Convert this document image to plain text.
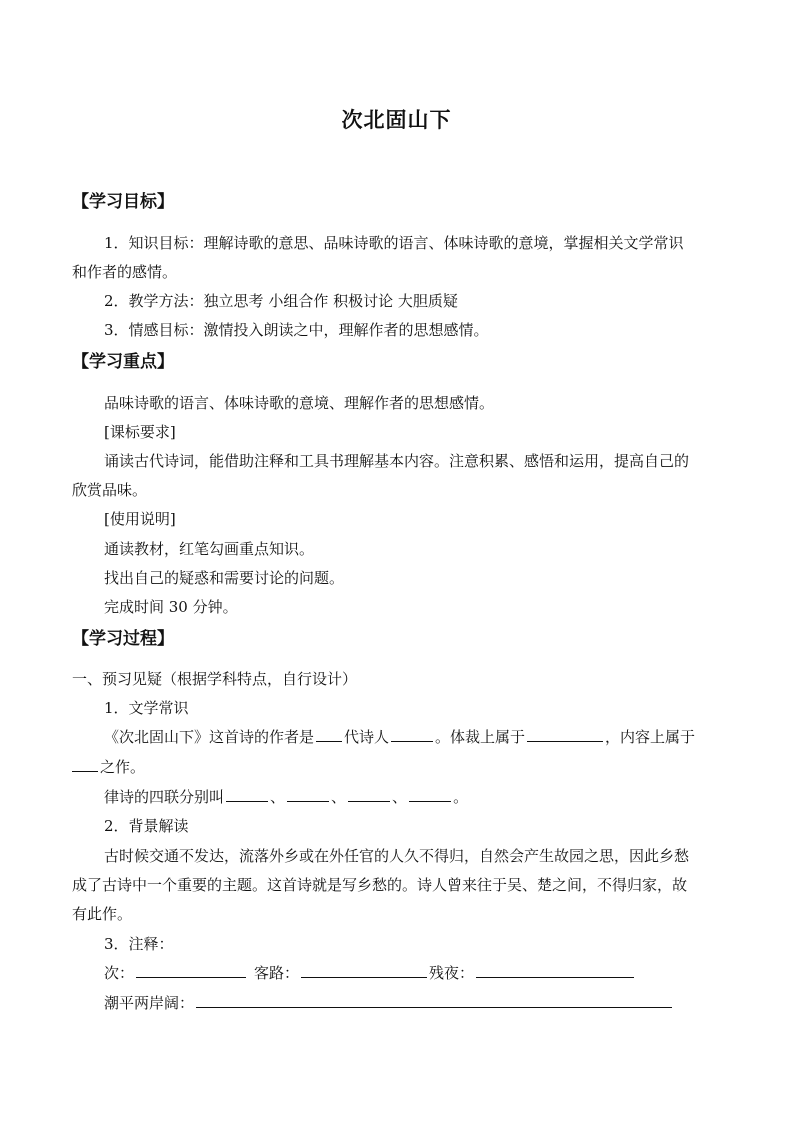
次北固山下
【学习目标】
1．知识目标：理解诗歌的意思、品味诗歌的语言、体味诗歌的意境，掌握相关文学常识
和作者的感情。
2．教学方法：独立思考 小组合作 积极讨论 大胆质疑
3．情感目标：激情投入朗读之中，理解作者的思想感情。
【学习重点】
品味诗歌的语言、体味诗歌的意境、理解作者的思想感情。
[课标要求]
诵读古代诗词，能借助注释和工具书理解基本内容。注意积累、感悟和运用，提高自己的
欣赏品味。
[使用说明]
通读教材，红笔勾画重点知识。
找出自己的疑惑和需要讨论的问题。
完成时间 30 分钟。
【学习过程】
一、预习见疑（根据学科特点，自行设计）
1．文学常识
《次北固山下》这首诗的作者是 代诗人	。体裁上属于	，内容上属于
之作。
律诗的四联分别叫	、	、	、	。
2．背景解读
古时候交通不发达，流落外乡或在外任官的人久不得归，自然会产生故园之思，因此乡愁
成了古诗中一个重要的主题。这首诗就是写乡愁的。诗人曾来往于吴、楚之间，不得归家，故
有此作。
3．注释：
次：	客路：	残夜：
潮平两岸阔：
